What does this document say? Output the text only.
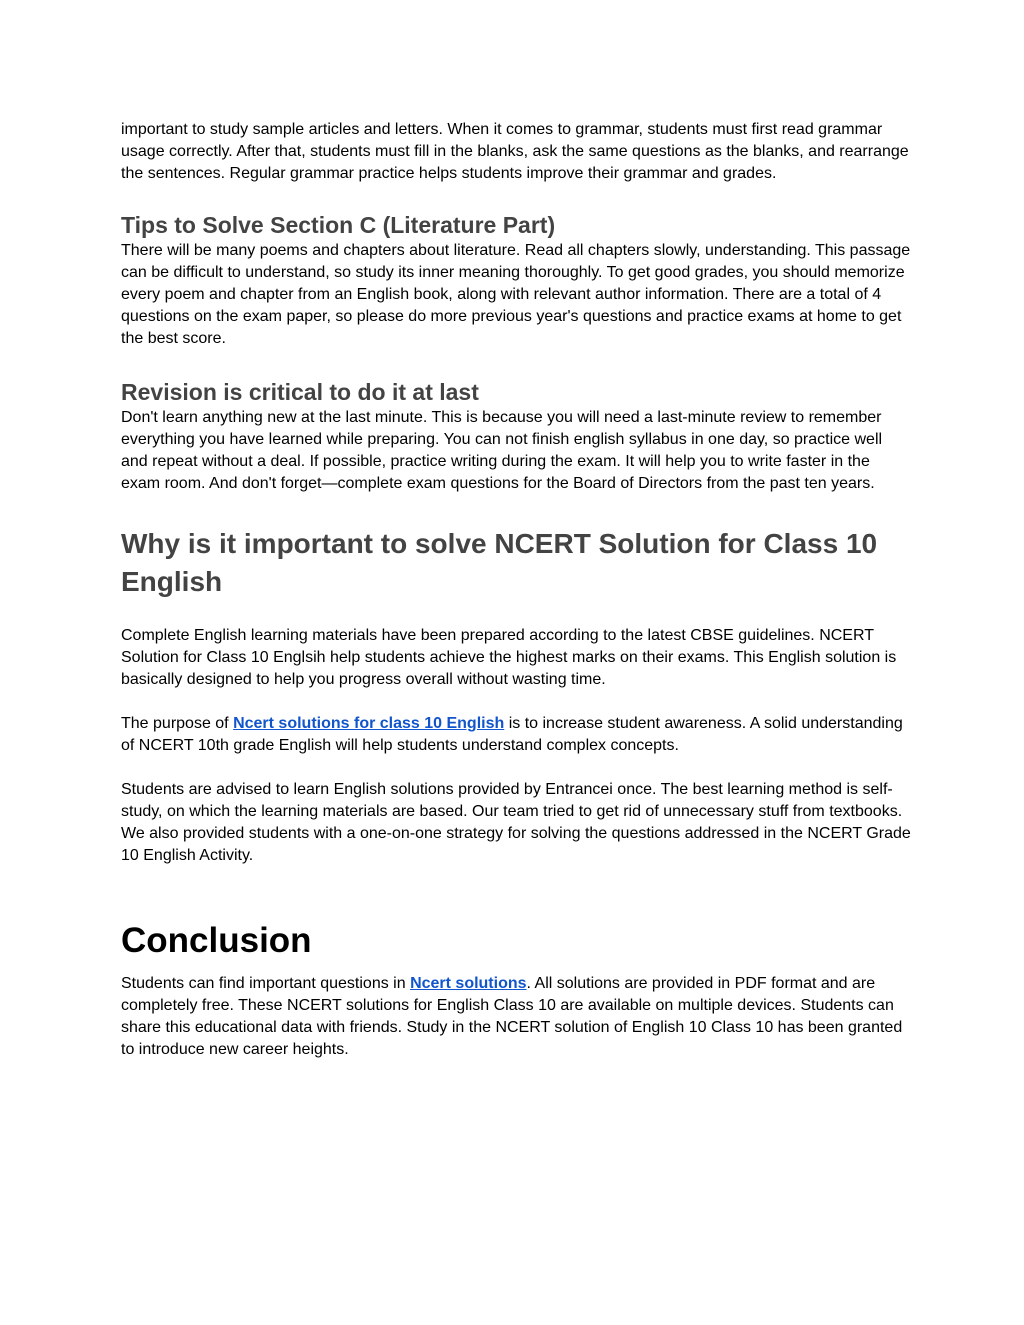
important to study sample articles and letters. When it comes to grammar, students must first read grammar usage correctly. After that, students must fill in the blanks, ask the same questions as the blanks, and rearrange the sentences. Regular grammar practice helps students improve their grammar and grades.

Tips to Solve Section C (Literature Part)

There will be many poems and chapters about literature. Read all chapters slowly, understanding. This passage can be difficult to understand, so study its inner meaning thoroughly. To get good grades, you should memorize every poem and chapter from an English book, along with relevant author information. There are a total of 4 questions on the exam paper, so please do more previous year's questions and practice exams at home to get the best score.

Revision is critical to do it at last

Don't learn anything new at the last minute. This is because you will need a last-minute review to remember everything you have learned while preparing. You can not finish english syllabus in one day, so practice well and repeat without a deal. If possible, practice writing during the exam. It will help you to write faster in the exam room. And don't forget—complete exam questions for the Board of Directors from the past ten years.

Why is it important to solve NCERT Solution for Class 10 English

Complete English learning materials have been prepared according to the latest CBSE guidelines. NCERT Solution for Class 10 Englsih help students achieve the highest marks on their exams. This English solution is basically designed to help you progress overall without wasting time.

The purpose of Ncert solutions for class 10 English is to increase student awareness. A solid understanding of NCERT 10th grade English will help students understand complex concepts.

Students are advised to learn English solutions provided by Entrancei once. The best learning method is self-study, on which the learning materials are based. Our team tried to get rid of unnecessary stuff from textbooks. We also provided students with a one-on-one strategy for solving the questions addressed in the NCERT Grade 10 English Activity.

Conclusion

Students can find important questions in Ncert solutions. All solutions are provided in PDF format and are completely free. These NCERT solutions for English Class 10 are available on multiple devices. Students can share this educational data with friends. Study in the NCERT solution of English 10 Class 10 has been granted to introduce new career heights.
